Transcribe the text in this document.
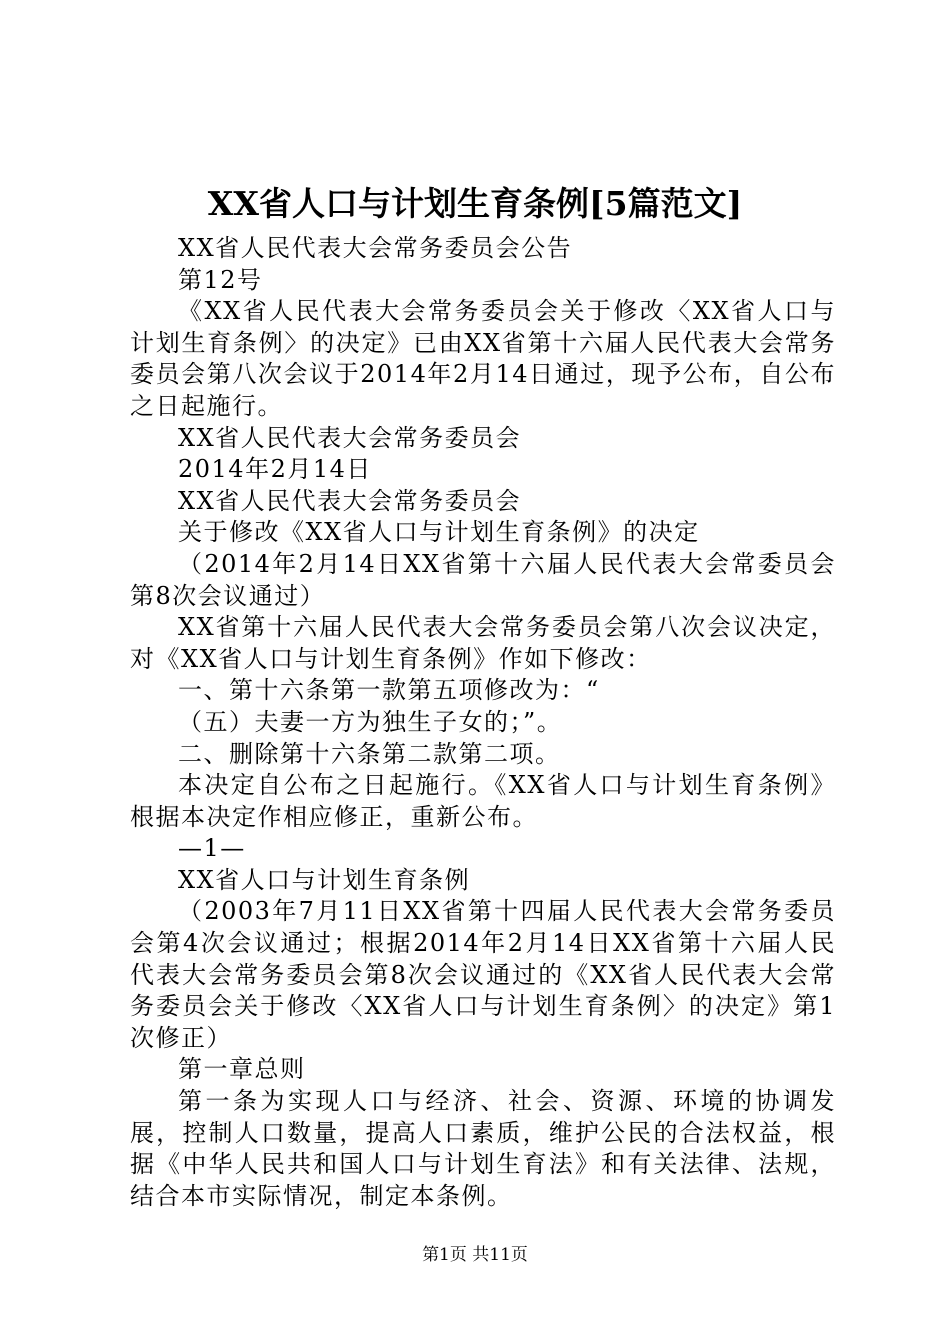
XX省人口与计划生育条例[5篇范文]

XX省人民代表大会常务委员会公告

第12号

《XX省人民代表大会常务委员会关于修改〈XX省人口与计划生育条例〉的决定》已由XX省第十六届人民代表大会常务委员会第八次会议于2014年2月14日通过，现予公布，自公布之日起施行。

XX省人民代表大会常务委员会

2014年2月14日

XX省人民代表大会常务委员会

关于修改《XX省人口与计划生育条例》的决定

（2014年2月14日XX省第十六届人民代表大会常委员会第8次会议通过）

XX省第十六届人民代表大会常务委员会第八次会议决定，对《XX省人口与计划生育条例》作如下修改：

一、第十六条第一款第五项修改为：“

（五）夫妻一方为独生子女的；”。

二、删除第十六条第二款第二项。

本决定自公布之日起施行。《XX省人口与计划生育条例》根据本决定作相应修正，重新公布。

—1—

XX省人口与计划生育条例

（2003年7月11日XX省第十四届人民代表大会常务委员会第4次会议通过；根据2014年2月14日XX省第十六届人民代表大会常务委员会第8次会议通过的《XX省人民代表大会常务委员会关于修改〈XX省人口与计划生育条例〉的决定》第1次修正）

第一章总则

第一条为实现人口与经济、社会、资源、环境的协调发展，控制人口数量，提高人口素质，维护公民的合法权益，根据《中华人民共和国人口与计划生育法》和有关法律、法规，结合本市实际情况，制定本条例。

第1页 共11页
